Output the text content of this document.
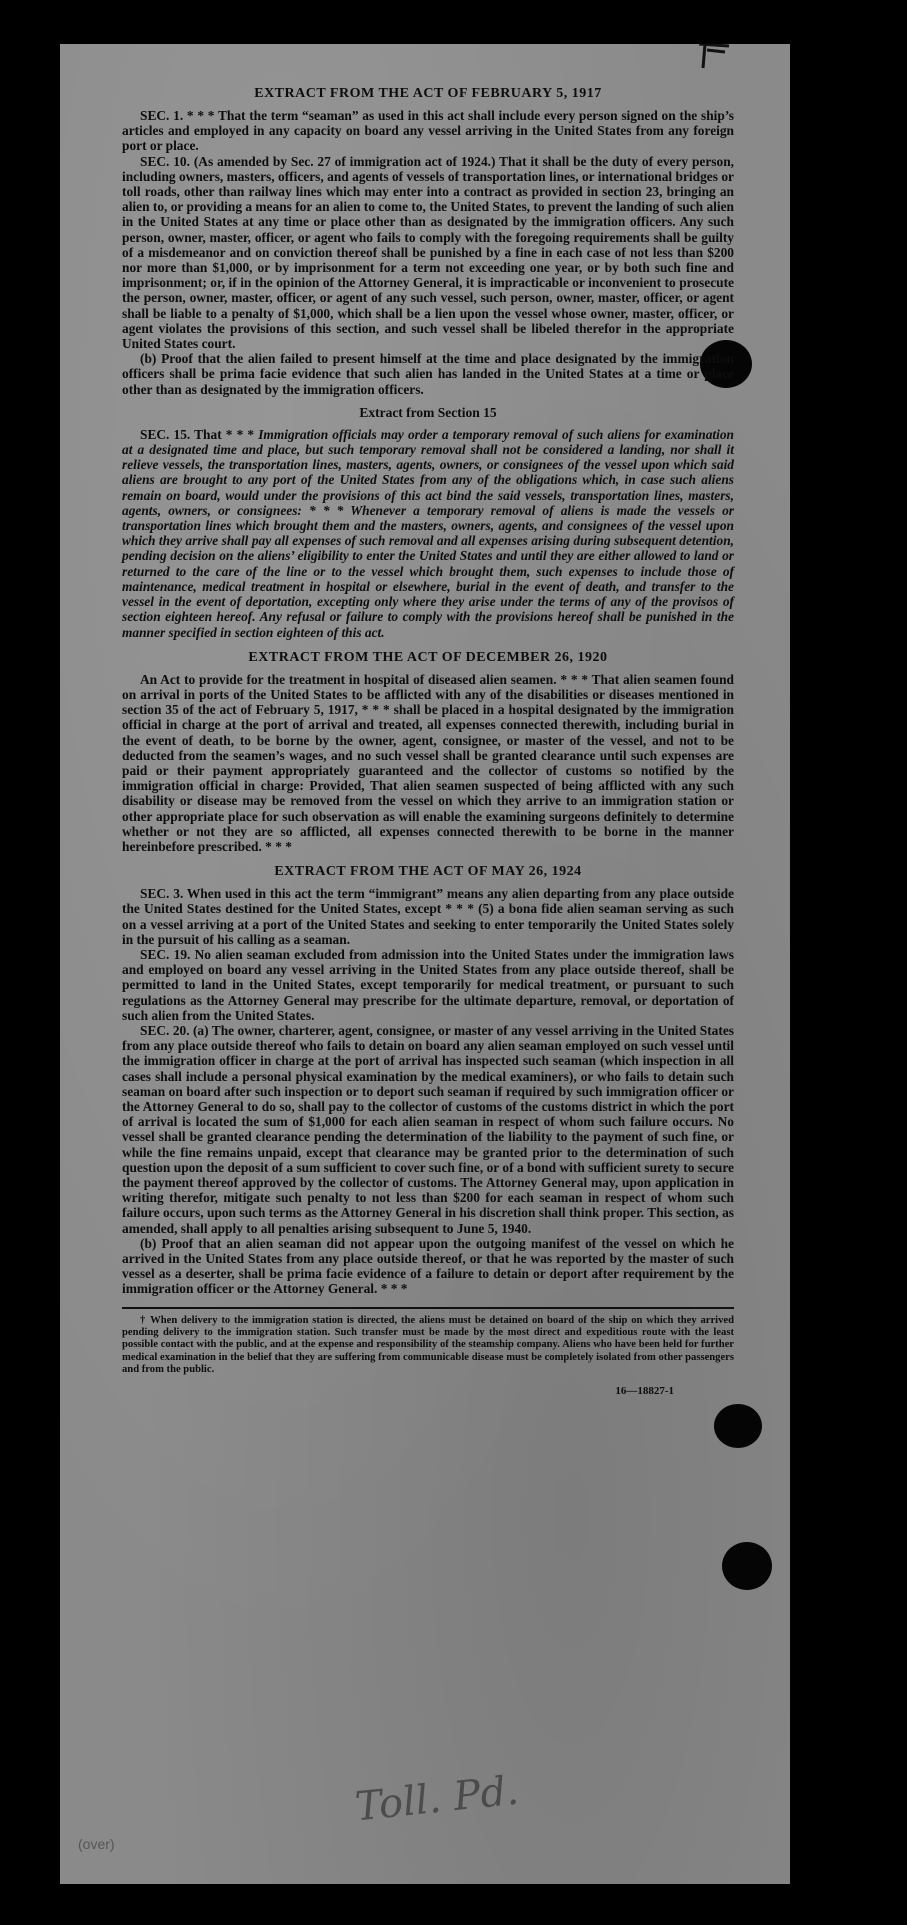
EXTRACT FROM THE ACT OF FEBRUARY 5, 1917

SEC. 1. * * * That the term “seaman” as used in this act shall include every person signed on the ship’s articles and employed in any capacity on board any vessel arriving in the United States from any foreign port or place.

SEC. 10. (As amended by Sec. 27 of immigration act of 1924.) That it shall be the duty of every person, including owners, masters, officers, and agents of vessels of transportation lines, or international bridges or toll roads, other than railway lines which may enter into a contract as provided in section 23, bringing an alien to, or providing a means for an alien to come to, the United States, to prevent the landing of such alien in the United States at any time or place other than as designated by the immigration officers. Any such person, owner, master, officer, or agent who fails to comply with the foregoing requirements shall be guilty of a misdemeanor and on conviction thereof shall be punished by a fine in each case of not less than $200 nor more than $1,000, or by imprisonment for a term not exceeding one year, or by both such fine and imprisonment; or, if in the opinion of the Attorney General, it is impracticable or inconvenient to prosecute the person, owner, master, officer, or agent of any such vessel, such person, owner, master, officer, or agent shall be liable to a penalty of $1,000, which shall be a lien upon the vessel whose owner, master, officer, or agent violates the provisions of this section, and such vessel shall be libeled therefor in the appropriate United States court.

(b) Proof that the alien failed to present himself at the time and place designated by the immigration officers shall be prima facie evidence that such alien has landed in the United States at a time or place other than as designated by the immigration officers.

Extract from Section 15

SEC. 15. That * * * Immigration officials may order a temporary removal of such aliens for examination at a designated time and place, but such temporary removal shall not be considered a landing, nor shall it relieve vessels, the transportation lines, masters, agents, owners, or consignees of the vessel upon which said aliens are brought to any port of the United States from any of the obligations which, in case such aliens remain on board, would under the provisions of this act bind the said vessels, transportation lines, masters, agents, owners, or consignees: * * * Whenever a temporary removal of aliens is made the vessels or transportation lines which brought them and the masters, owners, agents, and consignees of the vessel upon which they arrive shall pay all expenses of such removal and all expenses arising during subsequent detention, pending decision on the aliens’ eligibility to enter the United States and until they are either allowed to land or returned to the care of the line or to the vessel which brought them, such expenses to include those of maintenance, medical treatment in hospital or elsewhere, burial in the event of death, and transfer to the vessel in the event of deportation, excepting only where they arise under the terms of any of the provisos of section eighteen hereof. Any refusal or failure to comply with the provisions hereof shall be punished in the manner specified in section eighteen of this act.

EXTRACT FROM THE ACT OF DECEMBER 26, 1920

An Act to provide for the treatment in hospital of diseased alien seamen. * * * That alien seamen found on arrival in ports of the United States to be afflicted with any of the disabilities or diseases mentioned in section 35 of the act of February 5, 1917, * * * shall be placed in a hospital designated by the immigration official in charge at the port of arrival and treated, all expenses connected therewith, including burial in the event of death, to be borne by the owner, agent, consignee, or master of the vessel, and not to be deducted from the seamen’s wages, and no such vessel shall be granted clearance until such expenses are paid or their payment appropriately guaranteed and the collector of customs so notified by the immigration official in charge: Provided, That alien seamen suspected of being afflicted with any such disability or disease may be removed from the vessel on which they arrive to an immigration station or other appropriate place for such observation as will enable the examining surgeons definitely to determine whether or not they are so afflicted, all expenses connected therewith to be borne in the manner hereinbefore prescribed. * * *

EXTRACT FROM THE ACT OF MAY 26, 1924

SEC. 3. When used in this act the term “immigrant” means any alien departing from any place outside the United States destined for the United States, except * * * (5) a bona fide alien seaman serving as such on a vessel arriving at a port of the United States and seeking to enter temporarily the United States solely in the pursuit of his calling as a seaman.

SEC. 19. No alien seaman excluded from admission into the United States under the immigration laws and employed on board any vessel arriving in the United States from any place outside thereof, shall be permitted to land in the United States, except temporarily for medical treatment, or pursuant to such regulations as the Attorney General may prescribe for the ultimate departure, removal, or deportation of such alien from the United States.

SEC. 20. (a) The owner, charterer, agent, consignee, or master of any vessel arriving in the United States from any place outside thereof who fails to detain on board any alien seaman employed on such vessel until the immigration officer in charge at the port of arrival has inspected such seaman (which inspection in all cases shall include a personal physical examination by the medical examiners), or who fails to detain such seaman on board after such inspection or to deport such seaman if required by such immigration officer or the Attorney General to do so, shall pay to the collector of customs of the customs district in which the port of arrival is located the sum of $1,000 for each alien seaman in respect of whom such failure occurs. No vessel shall be granted clearance pending the determination of the liability to the payment of such fine, or while the fine remains unpaid, except that clearance may be granted prior to the determination of such question upon the deposit of a sum sufficient to cover such fine, or of a bond with sufficient surety to secure the payment thereof approved by the collector of customs. The Attorney General may, upon application in writing therefor, mitigate such penalty to not less than $200 for each seaman in respect of whom such failure occurs, upon such terms as the Attorney General in his discretion shall think proper. This section, as amended, shall apply to all penalties arising subsequent to June 5, 1940.

(b) Proof that an alien seaman did not appear upon the outgoing manifest of the vessel on which he arrived in the United States from any place outside thereof, or that he was reported by the master of such vessel as a deserter, shall be prima facie evidence of a failure to detain or deport after requirement by the immigration officer or the Attorney General. * * *

† When delivery to the immigration station is directed, the aliens must be detained on board of the ship on which they arrived pending delivery to the immigration station. Such transfer must be made by the most direct and expeditious route with the least possible contact with the public, and at the expense and responsibility of the steamship company. Aliens who have been held for further medical examination in the belief that they are suffering from communicable disease must be completely isolated from other passengers and from the public.

16—18827-1
Toll. Pd.
(over)
